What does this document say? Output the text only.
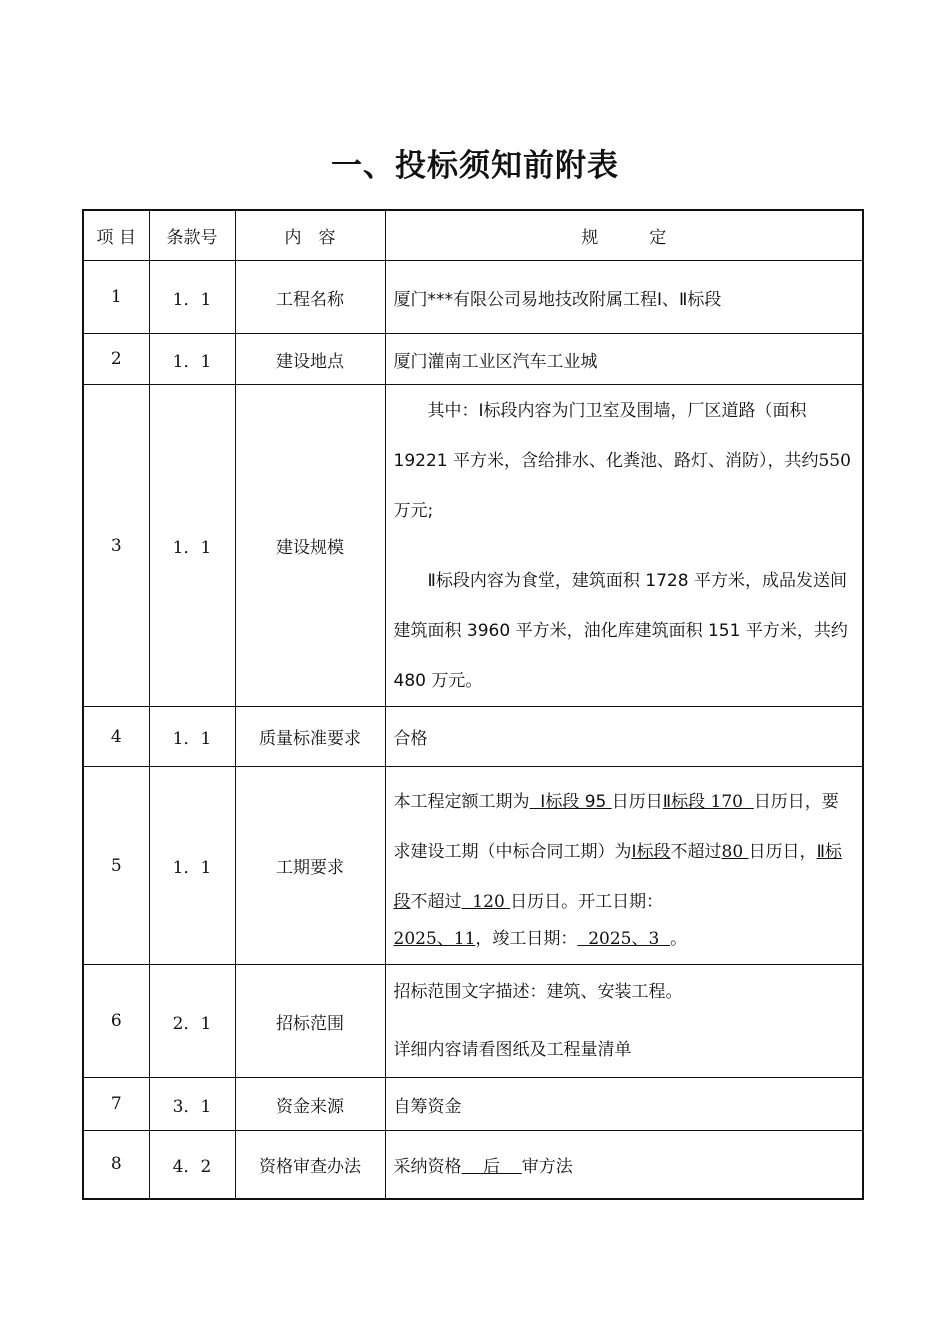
一、投标须知前附表
项 目	条款号	内　容	规　　　定
1	1．1	工程名称	厦门***有限公司易地技改附属工程Ⅰ、Ⅱ标段
2	1．1	建设地点	厦门灌南工业区汽车工业城
3	1．1	建设规模	其中：Ⅰ标段内容为门卫室及围墙，厂区道路（面积 19221 平方米，含给排水、化粪池、路灯、消防），共约550万元;
Ⅱ标段内容为食堂，建筑面积 1728 平方米，成品发送间建筑面积 3960 平方米，油化库建筑面积 151 平方米，共约 480 万元。

4	1．1	质量标准要求	合格
5	1．1	工期要求	本工程定额工期为  Ⅰ标段 95 日历日Ⅱ标段 170  日历日，要求建设工期（中标合同工期）为Ⅰ标段不超过80 日历日，Ⅱ标段不超过  120 日历日。开工日期：
2025、11，竣工日期：  2025、3  。

6	2．1	招标范围	招标范围文字描述：建筑、安装工程。
详细内容请看图纸及工程量清单

7	3．1	资金来源	自筹资金
8	4．2	资格审查办法	采纳资格    后    审方法
